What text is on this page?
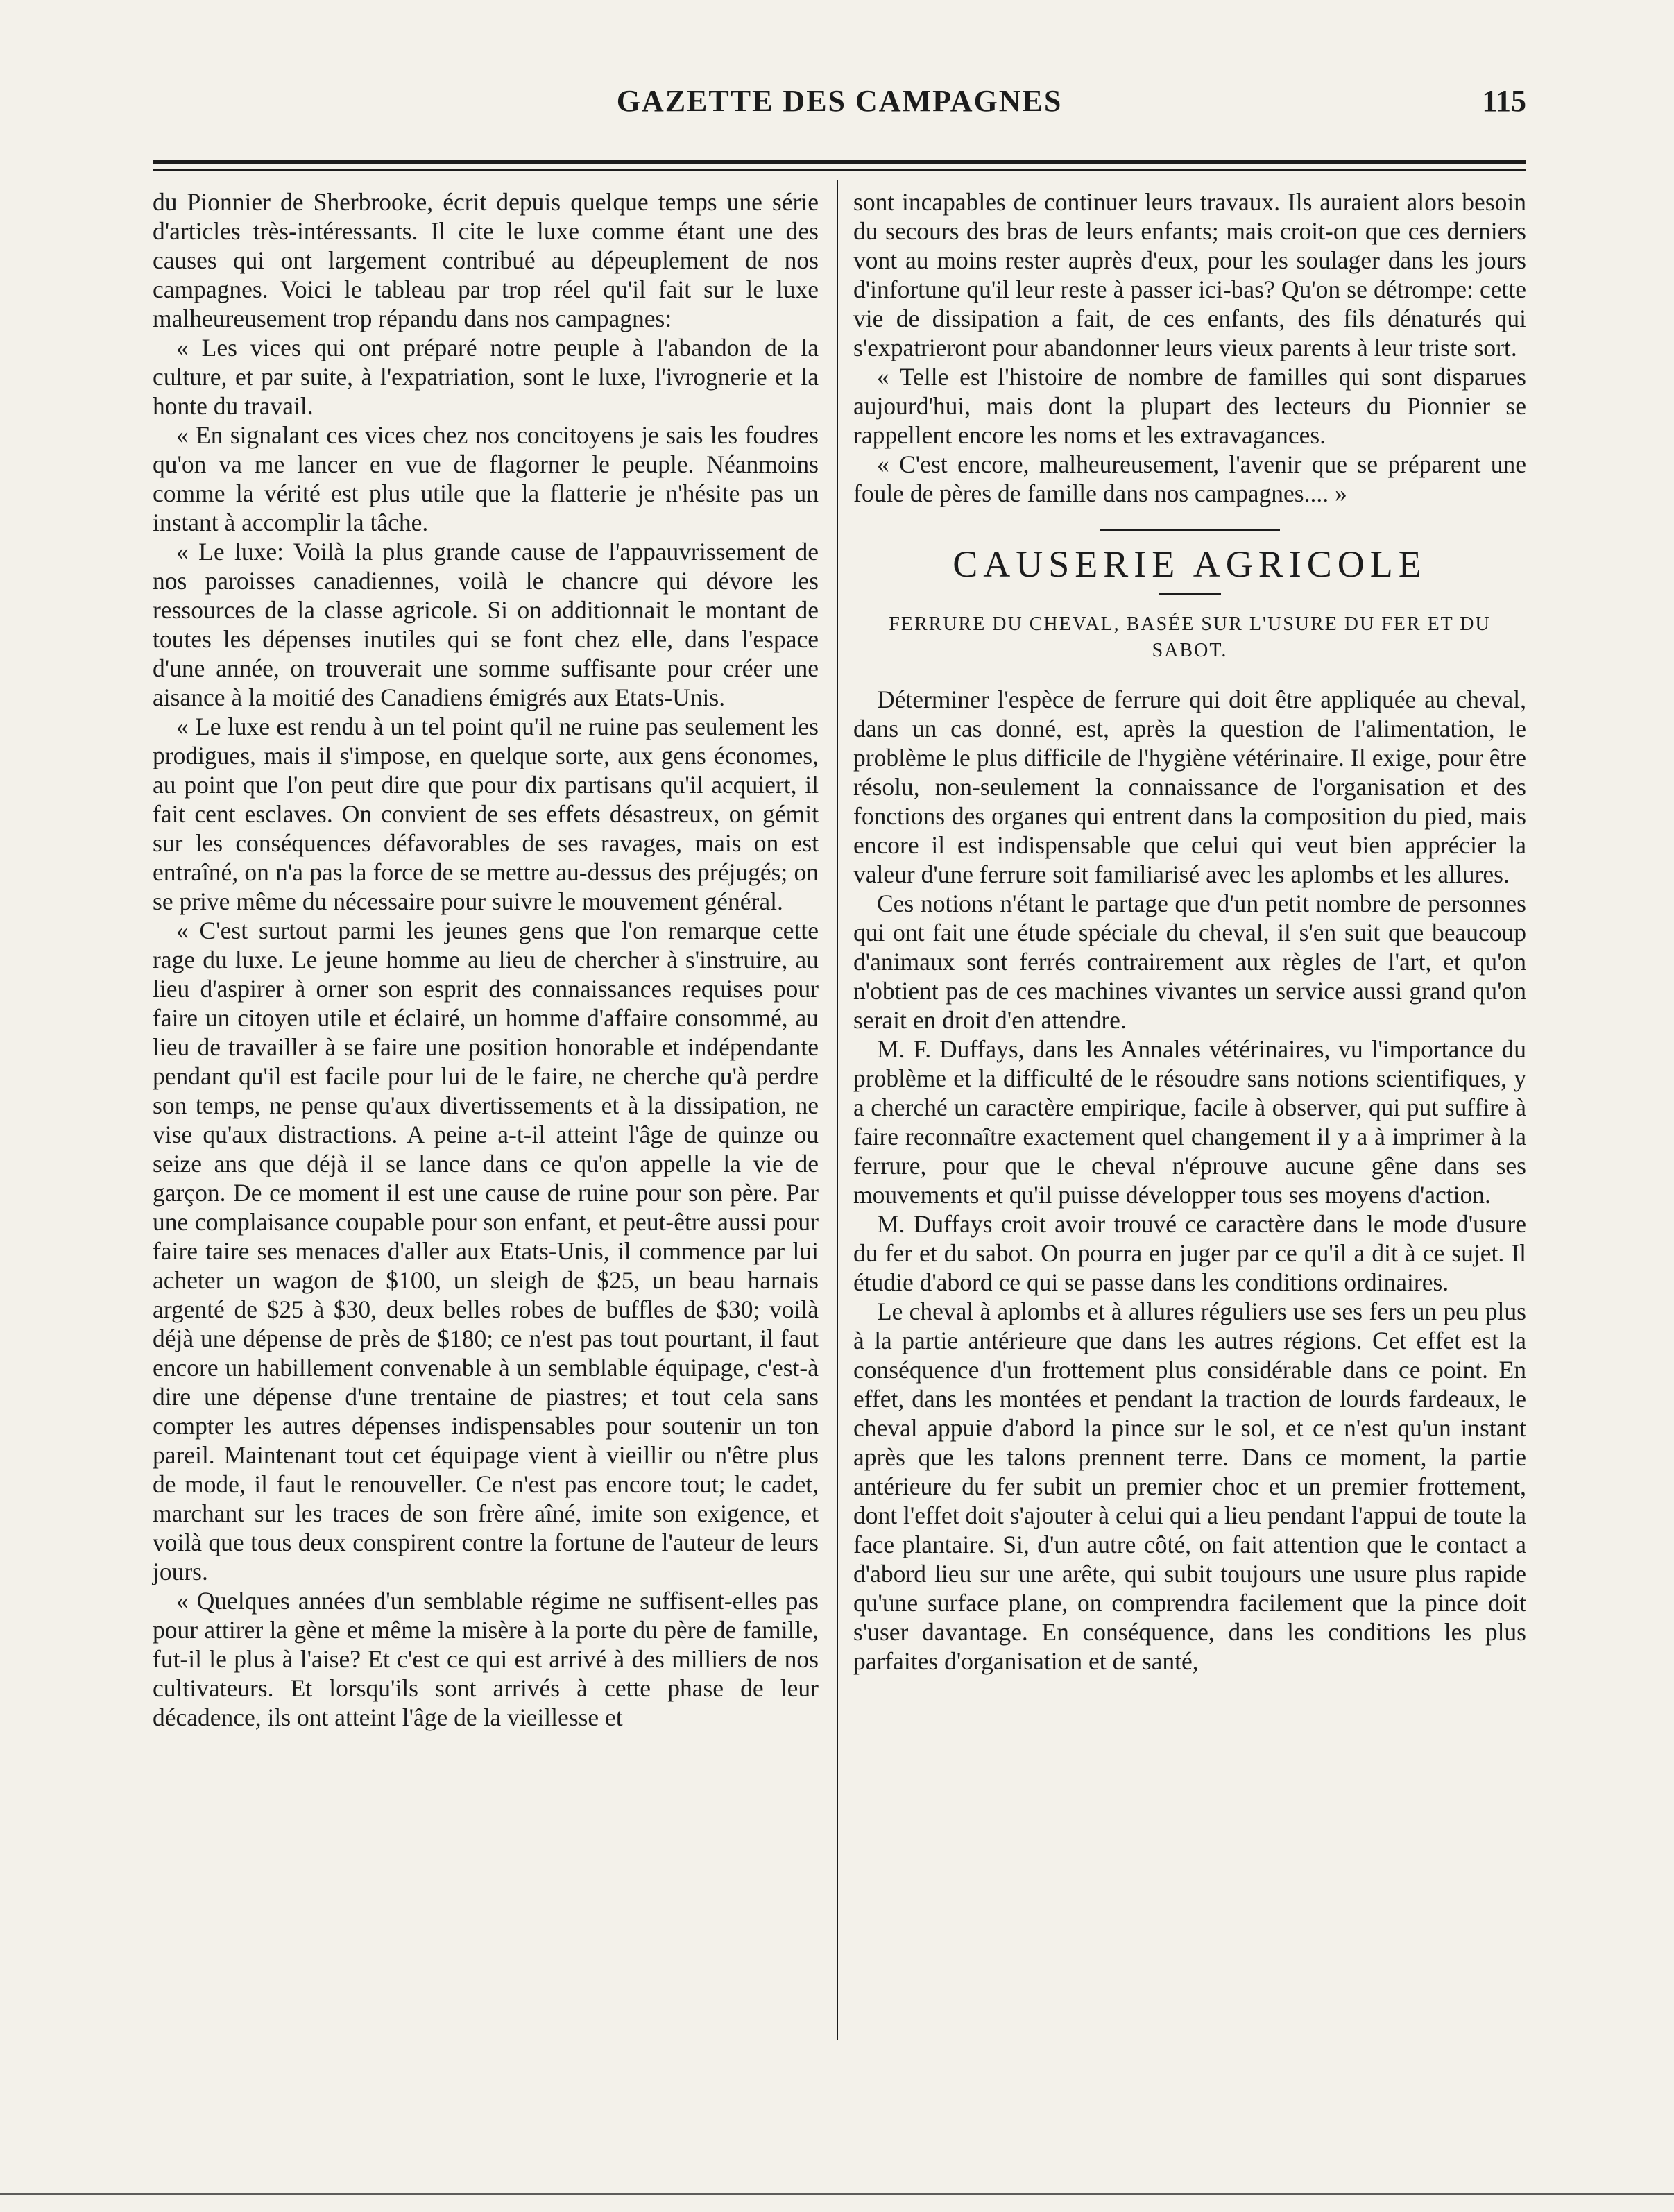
GAZETTE DES CAMPAGNES	115

du Pionnier de Sherbrooke, écrit depuis quelque temps une série d'articles très-intéressants. Il cite le luxe comme étant une des causes qui ont largement contribué au dépeuplement de nos campagnes. Voici le tableau par trop réel qu'il fait sur le luxe malheureusement trop répandu dans nos campagnes:

« Les vices qui ont préparé notre peuple à l'abandon de la culture, et par suite, à l'expatriation, sont le luxe, l'ivrognerie et la honte du travail.

« En signalant ces vices chez nos concitoyens je sais les foudres qu'on va me lancer en vue de flagorner le peuple. Néanmoins comme la vérité est plus utile que la flatterie je n'hésite pas un instant à accomplir la tâche.

« Le luxe: Voilà la plus grande cause de l'appauvrissement de nos paroisses canadiennes, voilà le chancre qui dévore les ressources de la classe agricole. Si on additionnait le montant de toutes les dépenses inutiles qui se font chez elle, dans l'espace d'une année, on trouverait une somme suffisante pour créer une aisance à la moitié des Canadiens émigrés aux Etats-Unis.

« Le luxe est rendu à un tel point qu'il ne ruine pas seulement les prodigues, mais il s'impose, en quelque sorte, aux gens économes, au point que l'on peut dire que pour dix partisans qu'il acquiert, il fait cent esclaves. On convient de ses effets désastreux, on gémit sur les conséquences défavorables de ses ravages, mais on est entraîné, on n'a pas la force de se mettre au-dessus des préjugés; on se prive même du nécessaire pour suivre le mouvement général.

« C'est surtout parmi les jeunes gens que l'on remarque cette rage du luxe. Le jeune homme au lieu de chercher à s'instruire, au lieu d'aspirer à orner son esprit des connaissances requises pour faire un citoyen utile et éclairé, un homme d'affaire consommé, au lieu de travailler à se faire une position honorable et indépendante pendant qu'il est facile pour lui de le faire, ne cherche qu'à perdre son temps, ne pense qu'aux divertissements et à la dissipation, ne vise qu'aux distractions. A peine a-t-il atteint l'âge de quinze ou seize ans que déjà il se lance dans ce qu'on appelle la vie de garçon. De ce moment il est une cause de ruine pour son père. Par une complaisance coupable pour son enfant, et peut-être aussi pour faire taire ses menaces d'aller aux Etats-Unis, il commence par lui acheter un wagon de $100, un sleigh de $25, un beau harnais argenté de $25 à $30, deux belles robes de buffles de $30; voilà déjà une dépense de près de $180; ce n'est pas tout pourtant, il faut encore un habillement convenable à un semblable équipage, c'est-à dire une dépense d'une trentaine de piastres; et tout cela sans compter les autres dépenses indispensables pour soutenir un ton pareil. Maintenant tout cet équipage vient à vieillir ou n'être plus de mode, il faut le renouveller. Ce n'est pas encore tout; le cadet, marchant sur les traces de son frère aîné, imite son exigence, et voilà que tous deux conspirent contre la fortune de l'auteur de leurs jours.

« Quelques années d'un semblable régime ne suffisent-elles pas pour attirer la gène et même la misère à la porte du père de famille, fut-il le plus à l'aise? Et c'est ce qui est arrivé à des milliers de nos cultivateurs. Et lorsqu'ils sont arrivés à cette phase de leur décadence, ils ont atteint l'âge de la vieillesse et

sont incapables de continuer leurs travaux. Ils auraient alors besoin du secours des bras de leurs enfants; mais croit-on que ces derniers vont au moins rester auprès d'eux, pour les soulager dans les jours d'infortune qu'il leur reste à passer ici-bas? Qu'on se détrompe: cette vie de dissipation a fait, de ces enfants, des fils dénaturés qui s'expatrieront pour abandonner leurs vieux parents à leur triste sort.

« Telle est l'histoire de nombre de familles qui sont disparues aujourd'hui, mais dont la plupart des lecteurs du Pionnier se rappellent encore les noms et les extravagances.

« C'est encore, malheureusement, l'avenir que se préparent une foule de pères de famille dans nos campagnes.... »

CAUSERIE AGRICOLE
FERRURE DU CHEVAL, BASÉE SUR L'USURE DU FER ET DU SABOT.

Déterminer l'espèce de ferrure qui doit être appliquée au cheval, dans un cas donné, est, après la question de l'alimentation, le problème le plus difficile de l'hygiène vétérinaire. Il exige, pour être résolu, non-seulement la connaissance de l'organisation et des fonctions des organes qui entrent dans la composition du pied, mais encore il est indispensable que celui qui veut bien apprécier la valeur d'une ferrure soit familiarisé avec les aplombs et les allures.

Ces notions n'étant le partage que d'un petit nombre de personnes qui ont fait une étude spéciale du cheval, il s'en suit que beaucoup d'animaux sont ferrés contrairement aux règles de l'art, et qu'on n'obtient pas de ces machines vivantes un service aussi grand qu'on serait en droit d'en attendre.

M. F. Duffays, dans les Annales vétérinaires, vu l'importance du problème et la difficulté de le résoudre sans notions scientifiques, y a cherché un caractère empirique, facile à observer, qui put suffire à faire reconnaître exactement quel changement il y a à imprimer à la ferrure, pour que le cheval n'éprouve aucune gêne dans ses mouvements et qu'il puisse développer tous ses moyens d'action.

M. Duffays croit avoir trouvé ce caractère dans le mode d'usure du fer et du sabot. On pourra en juger par ce qu'il a dit à ce sujet. Il étudie d'abord ce qui se passe dans les conditions ordinaires.

Le cheval à aplombs et à allures réguliers use ses fers un peu plus à la partie antérieure que dans les autres régions. Cet effet est la conséquence d'un frottement plus considérable dans ce point. En effet, dans les montées et pendant la traction de lourds fardeaux, le cheval appuie d'abord la pince sur le sol, et ce n'est qu'un instant après que les talons prennent terre. Dans ce moment, la partie antérieure du fer subit un premier choc et un premier frottement, dont l'effet doit s'ajouter à celui qui a lieu pendant l'appui de toute la face plantaire. Si, d'un autre côté, on fait attention que le contact a d'abord lieu sur une arête, qui subit toujours une usure plus rapide qu'une surface plane, on comprendra facilement que la pince doit s'user davantage. En conséquence, dans les conditions les plus parfaites d'organisation et de santé,
